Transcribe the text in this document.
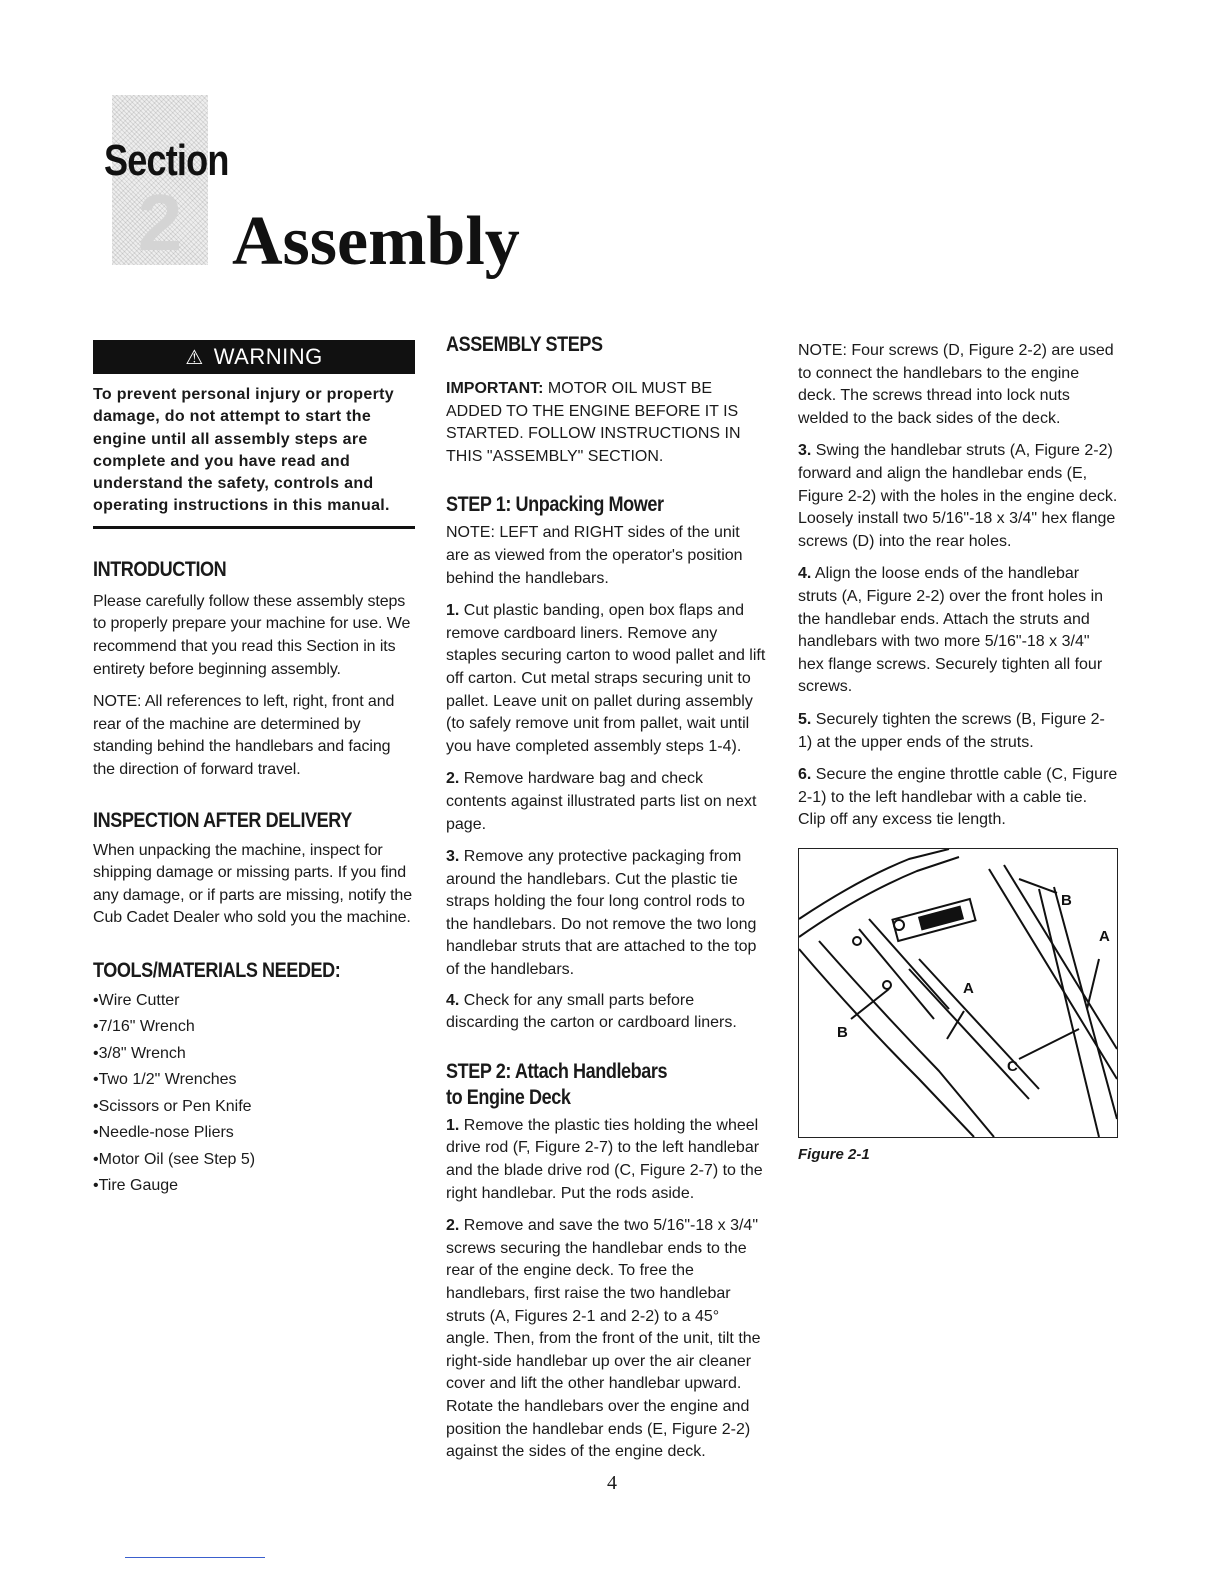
2
Section
Assembly
⚠ WARNING
To prevent personal injury or property damage, do not attempt to start the engine until all assembly steps are complete and you have read and understand the safety, controls and operating instructions in this manual.
INTRODUCTION

Please carefully follow these assembly steps to properly prepare your machine for use. We recommend that you read this Section in its entirety before beginning assembly.

NOTE: All references to left, right, front and rear of the machine are determined by standing behind the handlebars and facing the direction of forward travel.

INSPECTION AFTER DELIVERY

When unpacking the machine, inspect for shipping damage or missing parts. If you find any damage, or if parts are missing, notify the Cub Cadet Dealer who sold you the machine.

TOOLS/MATERIALS NEEDED:
• Wire Cutter
• 7/16" Wrench
• 3/8" Wrench
• Two 1/2" Wrenches
• Scissors or Pen Knife
• Needle-nose Pliers
• Motor Oil (see Step 5)
• Tire Gauge
ASSEMBLY STEPS

IMPORTANT: MOTOR OIL MUST BE ADDED TO THE ENGINE BEFORE IT IS STARTED. FOLLOW INSTRUCTIONS IN THIS "ASSEMBLY" SECTION.

STEP 1: Unpacking Mower

NOTE: LEFT and RIGHT sides of the unit are as viewed from the operator's position behind the handlebars.

1. Cut plastic banding, open box flaps and remove cardboard liners. Remove any staples securing carton to wood pallet and lift off carton. Cut metal straps securing unit to pallet. Leave unit on pallet during assembly (to safely remove unit from pallet, wait until you have completed assembly steps 1-4).

2. Remove hardware bag and check contents against illustrated parts list on next page.

3. Remove any protective packaging from around the handlebars. Cut the plastic tie straps holding the four long control rods to the handlebars. Do not remove the two long handlebar struts that are attached to the top of the handlebars.

4. Check for any small parts before discarding the carton or cardboard liners.

STEP 2: Attach Handlebars
to Engine Deck

1. Remove the plastic ties holding the wheel drive rod (F, Figure 2-7) to the left handlebar and the blade drive rod (C, Figure 2-7) to the right handlebar. Put the rods aside.

2. Remove and save the two 5/16"-18 x 3/4" screws securing the handlebar ends to the rear of the engine deck. To free the handlebars, first raise the two handlebar struts (A, Figures 2-1 and 2-2) to a 45° angle. Then, from the front of the unit, tilt the right-side handlebar up over the air cleaner cover and lift the other handlebar upward. Rotate the handlebars over the engine and position the handlebar ends (E, Figure 2-2) against the sides of the engine deck.

NOTE: Four screws (D, Figure 2-2) are used to connect the handlebars to the engine deck. The screws thread into lock nuts welded to the back sides of the deck.

3. Swing the handlebar struts (A, Figure 2-2) forward and align the handlebar ends (E, Figure 2-2) with the holes in the engine deck. Loosely install two 5/16"-18 x 3/4" hex flange screws (D) into the rear holes.

4. Align the loose ends of the handlebar struts (A, Figure 2-2) over the front holes in the handlebar ends. Attach the struts and handlebars with two more 5/16"-18 x 3/4" hex flange screws. Securely tighten all four screws.

5. Securely tighten the screws (B, Figure 2-1) at the upper ends of the struts.

6. Secure the engine throttle cable (C, Figure 2-1) to the left handlebar with a cable tie. Clip off any excess tie length.

B
A
A
B
C
Figure 2-1
4
